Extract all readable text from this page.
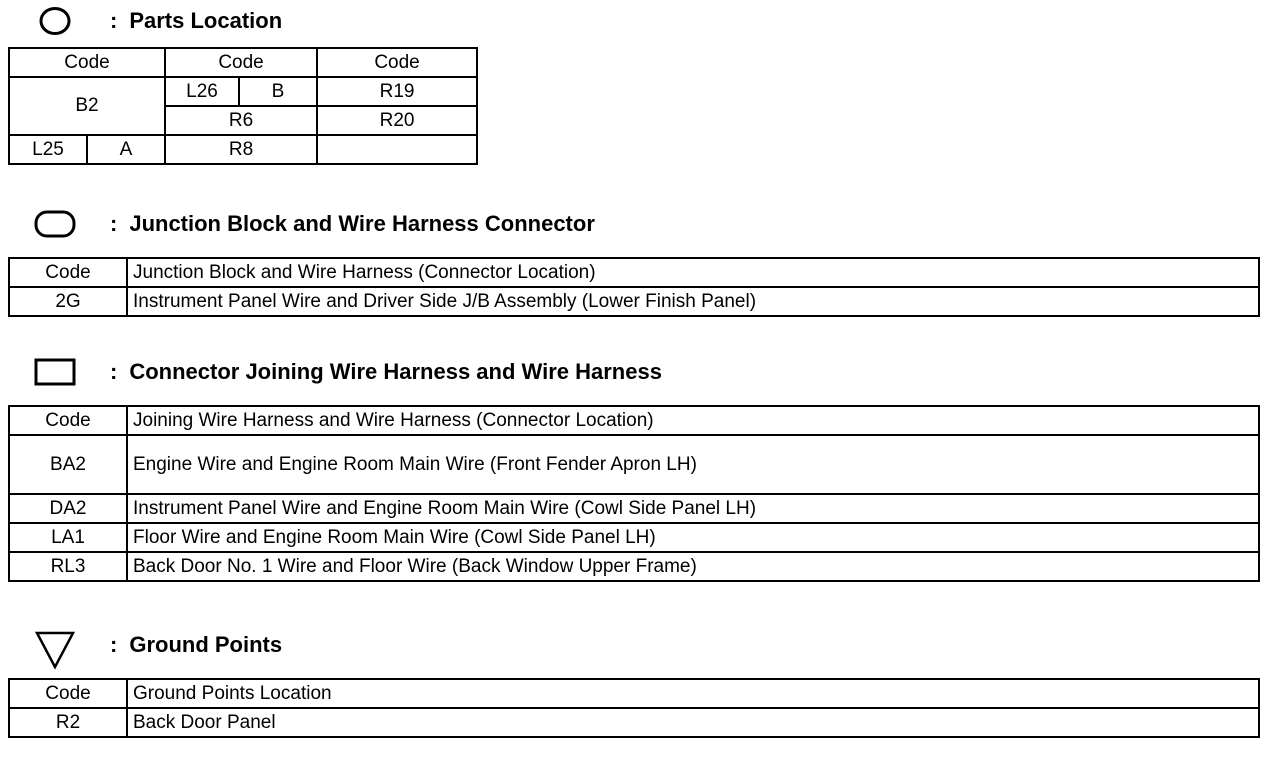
: Parts Location
Code		Code		Code
B2		L26	B	R19
		R6		R20
L25	A	R8		
: Junction Block and Wire Harness Connector
Code	Junction Block and Wire Harness (Connector Location)
2G	Instrument Panel Wire and Driver Side J/B Assembly (Lower Finish Panel)
: Connector Joining Wire Harness and Wire Harness
Code	Joining Wire Harness and Wire Harness (Connector Location)
BA2	Engine Wire and Engine Room Main Wire (Front Fender Apron LH)
DA2	Instrument Panel Wire and Engine Room Main Wire (Cowl Side Panel LH)
LA1	Floor Wire and Engine Room Main Wire (Cowl Side Panel LH)
RL3	Back Door No. 1 Wire and Floor Wire (Back Window Upper Frame)
: Ground Points
Code	Ground Points Location
R2	Back Door Panel
